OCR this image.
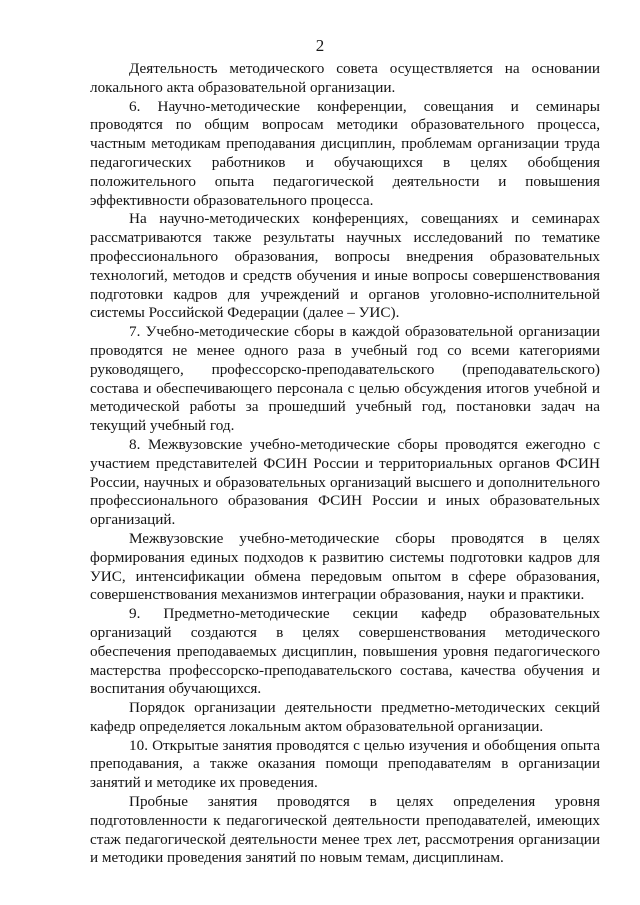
2

Деятельность методического совета осуществляется на основании локального акта образовательной организации.

6. Научно-методические конференции, совещания и семинары проводятся по общим вопросам методики образовательного процесса, частным методикам преподавания дисциплин, проблемам организации труда педагогических работников и обучающихся в целях обобщения положительного опыта педагогической деятельности и повышения эффективности образовательного процесса.

На научно-методических конференциях, совещаниях и семинарах рассматриваются также результаты научных исследований по тематике профессионального образования, вопросы внедрения образовательных технологий, методов и средств обучения и иные вопросы совершенствования подготовки кадров для учреждений и органов уголовно-исполнительной системы Российской Федерации (далее – УИС).

7. Учебно-методические сборы в каждой образовательной организации проводятся не менее одного раза в учебный год со всеми категориями руководящего, профессорско-преподавательского (преподавательского) состава и обеспечивающего персонала с целью обсуждения итогов учебной и методической работы за прошедший учебный год, постановки задач на текущий учебный год.

8. Межвузовские учебно-методические сборы проводятся ежегодно с участием представителей ФСИН России и территориальных органов ФСИН России, научных и образовательных организаций высшего и дополнительного профессионального образования ФСИН России и иных образовательных организаций.

Межвузовские учебно-методические сборы проводятся в целях формирования единых подходов к развитию системы подготовки кадров для УИС, интенсификации обмена передовым опытом в сфере образования, совершенствования механизмов интеграции образования, науки и практики.

9. Предметно-методические секции кафедр образовательных организаций создаются в целях совершенствования методического обеспечения преподаваемых дисциплин, повышения уровня педагогического мастерства профессорско-преподавательского состава, качества обучения и воспитания обучающихся.

Порядок организации деятельности предметно-методических секций кафедр определяется локальным актом образовательной организации.

10. Открытые занятия проводятся с целью изучения и обобщения опыта преподавания, а также оказания помощи преподавателям в организации занятий и методике их проведения.

Пробные занятия проводятся в целях определения уровня подготовленности к педагогической деятельности преподавателей, имеющих стаж педагогической деятельности менее трех лет, рассмотрения организации и методики проведения занятий по новым темам, дисциплинам.
